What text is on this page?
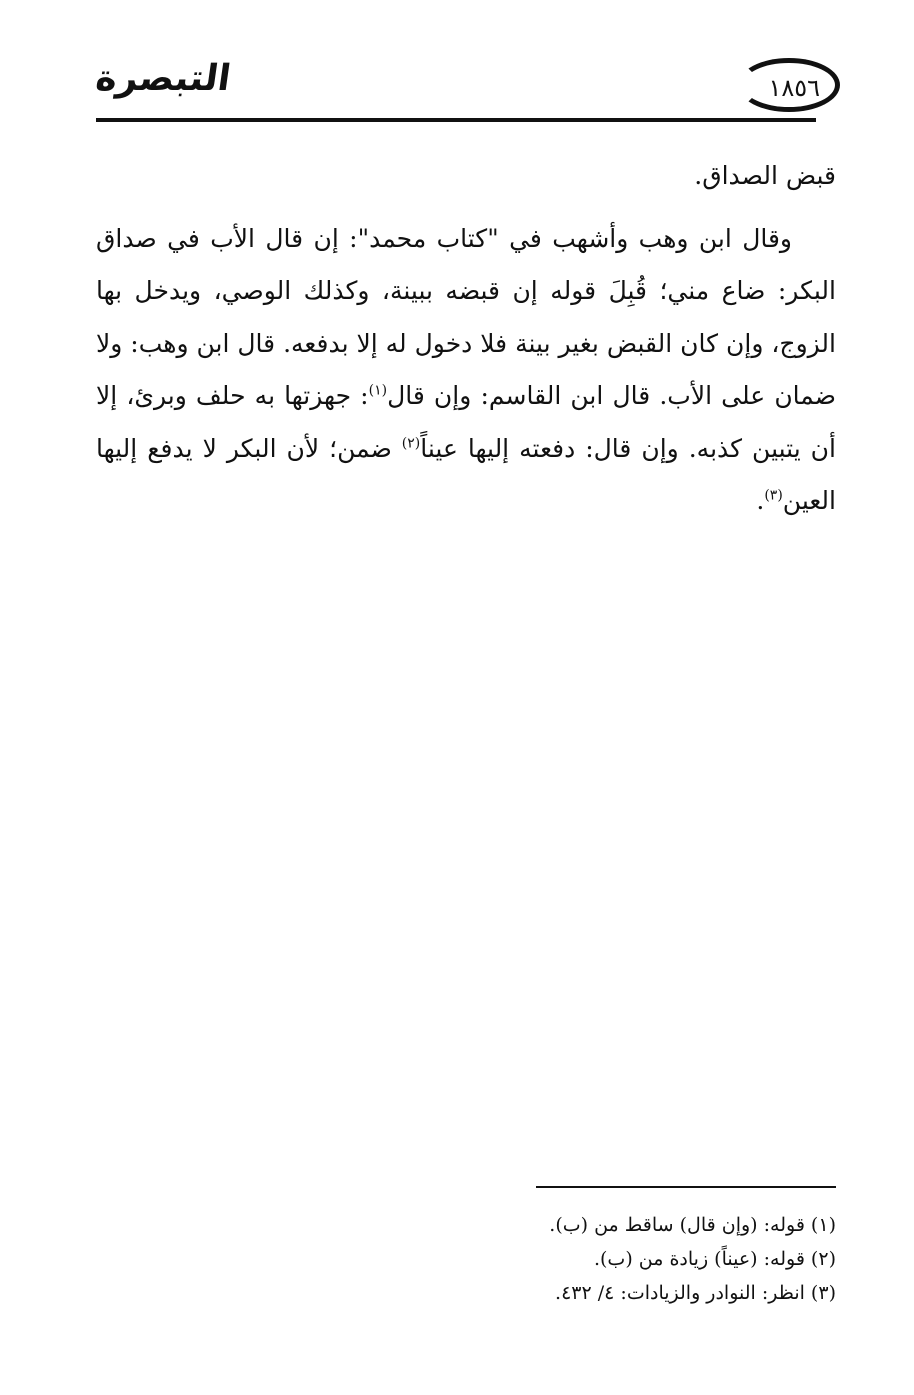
التبصرة	١٨٥٦

قبض الصداق.

وقال ابن وهب وأشهب في "كتاب محمد": إن قال الأب في صداق البكر: ضاع مني؛ قُبِلَ قوله إن قبضه ببينة، وكذلك الوصي، ويدخل بها الزوج، وإن كان القبض بغير بينة فلا دخول له إلا بدفعه. قال ابن وهب: ولا ضمان على الأب. قال ابن القاسم: وإن قال$^{(١)}$: جهزتها به حلف وبرئ، إلا أن يتبين كذبه. وإن قال: دفعته إليها عيناً$^{(٢)}$ ضمن؛ لأن البكر لا يدفع إليها العين$^{(٣)}$.

(١) قوله: (وإن قال) ساقط من (ب).
(٢) قوله: (عيناً) زيادة من (ب).
(٣) انظر: النوادر والزيادات: ٤/ ٤٣٢.
